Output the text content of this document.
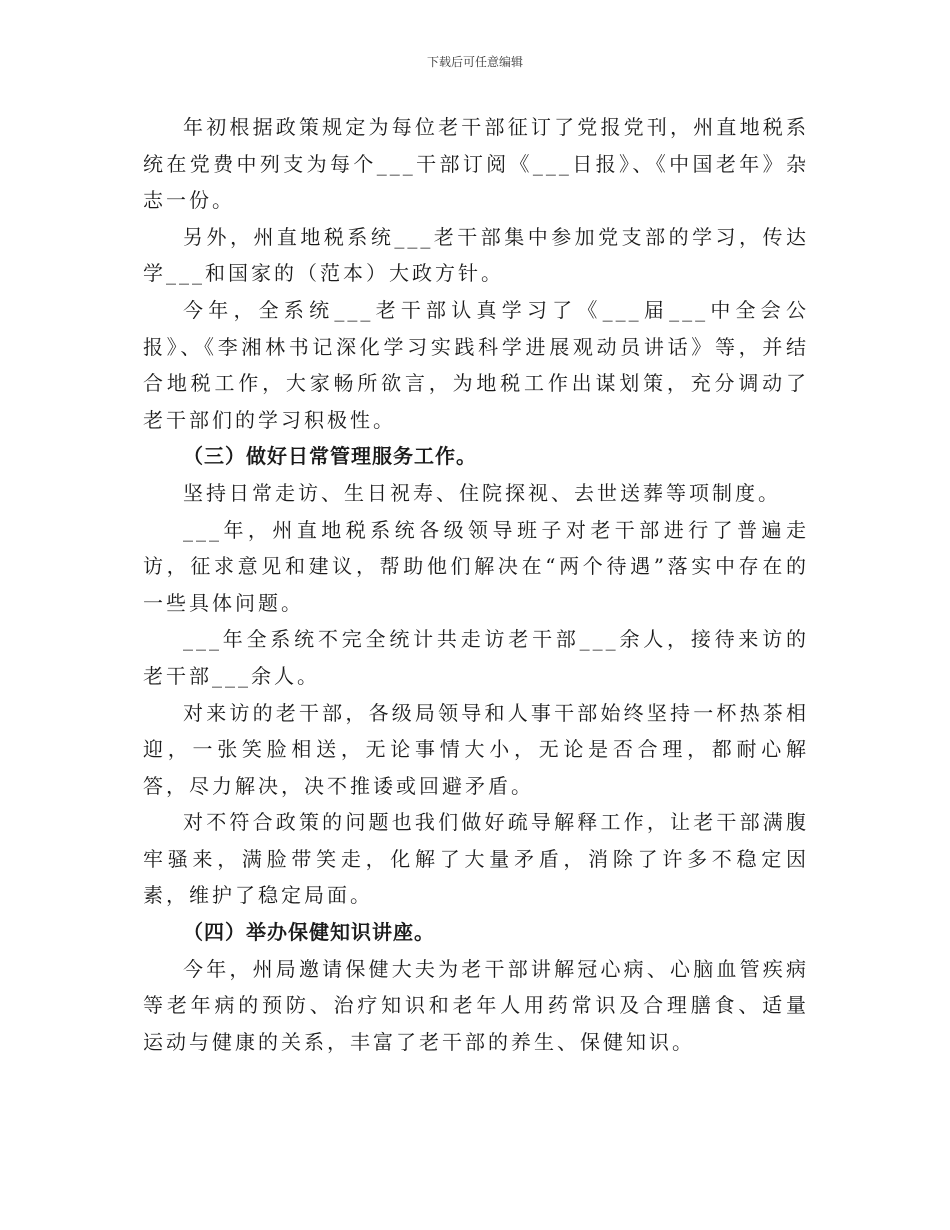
下载后可任意编辑

年初根据政策规定为每位老干部征订了党报党刊，州直地税系统在党费中列支为每个___干部订阅《___日报》、《中国老年》杂志一份。

另外，州直地税系统___老干部集中参加党支部的学习，传达学___和国家的（范本）大政方针。

今年，全系统___老干部认真学习了《___届___中全会公报》、《李湘林书记深化学习实践科学进展观动员讲话》等，并结合地税工作，大家畅所欲言，为地税工作出谋划策，充分调动了老干部们的学习积极性。

（三）做好日常管理服务工作。

坚持日常走访、生日祝寿、住院探视、去世送葬等项制度。

___年，州直地税系统各级领导班子对老干部进行了普遍走访，征求意见和建议，帮助他们解决在“两个待遇”落实中存在的一些具体问题。

___年全系统不完全统计共走访老干部___余人，接待来访的老干部___余人。

对来访的老干部，各级局领导和人事干部始终坚持一杯热茶相迎，一张笑脸相送，无论事情大小，无论是否合理，都耐心解答，尽力解决，决不推诿或回避矛盾。

对不符合政策的问题也我们做好疏导解释工作，让老干部满腹牢骚来，满脸带笑走，化解了大量矛盾，消除了许多不稳定因素，维护了稳定局面。

（四）举办保健知识讲座。

今年，州局邀请保健大夫为老干部讲解冠心病、心脑血管疾病等老年病的预防、治疗知识和老年人用药常识及合理膳食、适量运动与健康的关系，丰富了老干部的养生、保健知识。
